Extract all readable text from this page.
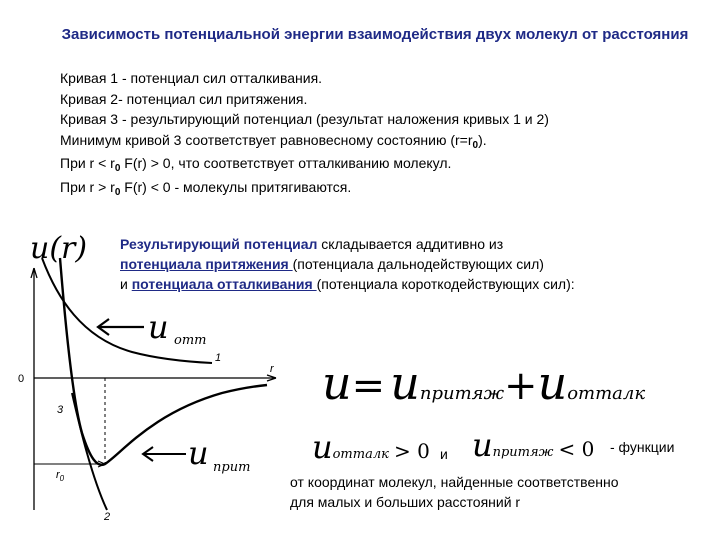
Зависимость потенциальной энергии взаимодействия двух молекул от расстояния
Кривая 1 - потенциал сил отталкивания.
Кривая 2- потенциал сил притяжения.
Кривая 3 - результирующий потенциал (результат наложения кривых 1 и 2)
Минимум кривой 3 соответствует равновесному состоянию $(r=r_0)$.
При $r < r_0$ F(r) > 0, что соответствует отталкиванию молекул.
При $r > r_0$ F(r) < 0 - молекулы притягиваются.
Результирующий потенциал складывается аддитивно из
потенциала притяжения (потенциала дальнодействующих сил)
и потенциала отталкивания (потенциала короткодействующих сил):
u(r)
0
r
1
3
2
$r_0$
u отт
u прит
u= uпритяж+uотталк
uотталк > 0 и uпритяж < 0 - функции
от координат молекул, найденные соответственно
для малых и больших расстояний r
